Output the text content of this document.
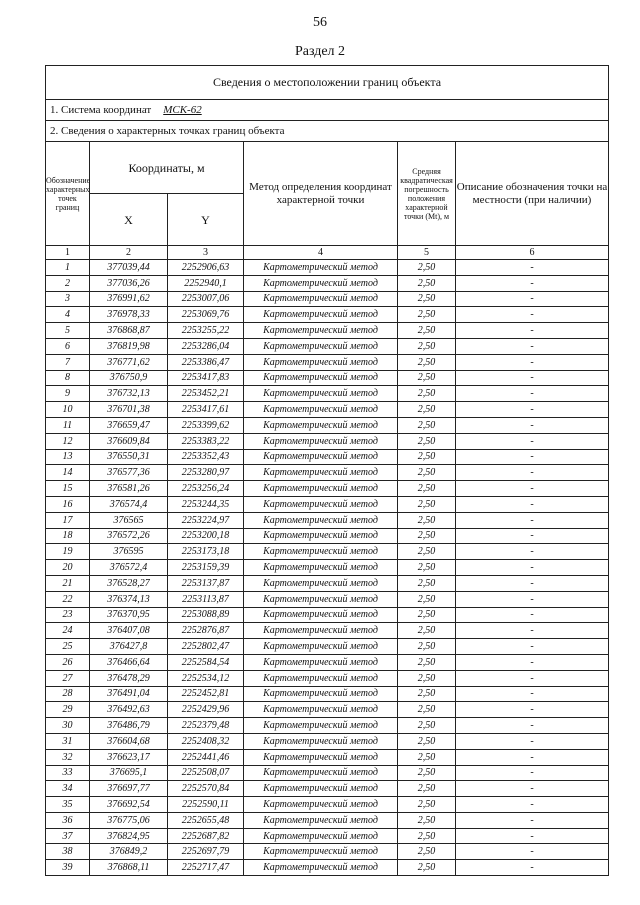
56
Раздел 2
Сведения о местоположении границ объекта					
1. Система координат МСК-62					
2. Сведения о характерных точках границ объекта					
Обозначение характерных точек границ	Координаты, м		Метод определения координат характерной точки	Средняя квадратическая погрешность положения характерной точки (Mt), м	Описание обозначения точки на местности (при наличии)
	X	Y			
1	2	3	4	5	6
1	377039,44	2252906,63	Картометрический метод	2,50	-
2	377036,26	2252940,1	Картометрический метод	2,50	-
3	376991,62	2253007,06	Картометрический метод	2,50	-
4	376978,33	2253069,76	Картометрический метод	2,50	-
5	376868,87	2253255,22	Картометрический метод	2,50	-
6	376819,98	2253286,04	Картометрический метод	2,50	-
7	376771,62	2253386,47	Картометрический метод	2,50	-
8	376750,9	2253417,83	Картометрический метод	2,50	-
9	376732,13	2253452,21	Картометрический метод	2,50	-
10	376701,38	2253417,61	Картометрический метод	2,50	-
11	376659,47	2253399,62	Картометрический метод	2,50	-
12	376609,84	2253383,22	Картометрический метод	2,50	-
13	376550,31	2253352,43	Картометрический метод	2,50	-
14	376577,36	2253280,97	Картометрический метод	2,50	-
15	376581,26	2253256,24	Картометрический метод	2,50	-
16	376574,4	2253244,35	Картометрический метод	2,50	-
17	376565	2253224,97	Картометрический метод	2,50	-
18	376572,26	2253200,18	Картометрический метод	2,50	-
19	376595	2253173,18	Картометрический метод	2,50	-
20	376572,4	2253159,39	Картометрический метод	2,50	-
21	376528,27	2253137,87	Картометрический метод	2,50	-
22	376374,13	2253113,87	Картометрический метод	2,50	-
23	376370,95	2253088,89	Картометрический метод	2,50	-
24	376407,08	2252876,87	Картометрический метод	2,50	-
25	376427,8	2252802,47	Картометрический метод	2,50	-
26	376466,64	2252584,54	Картометрический метод	2,50	-
27	376478,29	2252534,12	Картометрический метод	2,50	-
28	376491,04	2252452,81	Картометрический метод	2,50	-
29	376492,63	2252429,96	Картометрический метод	2,50	-
30	376486,79	2252379,48	Картометрический метод	2,50	-
31	376604,68	2252408,32	Картометрический метод	2,50	-
32	376623,17	2252441,46	Картометрический метод	2,50	-
33	376695,1	2252508,07	Картометрический метод	2,50	-
34	376697,77	2252570,84	Картометрический метод	2,50	-
35	376692,54	2252590,11	Картометрический метод	2,50	-
36	376775,06	2252655,48	Картометрический метод	2,50	-
37	376824,95	2252687,82	Картометрический метод	2,50	-
38	376849,2	2252697,79	Картометрический метод	2,50	-
39	376868,11	2252717,47	Картометрический метод	2,50	-
